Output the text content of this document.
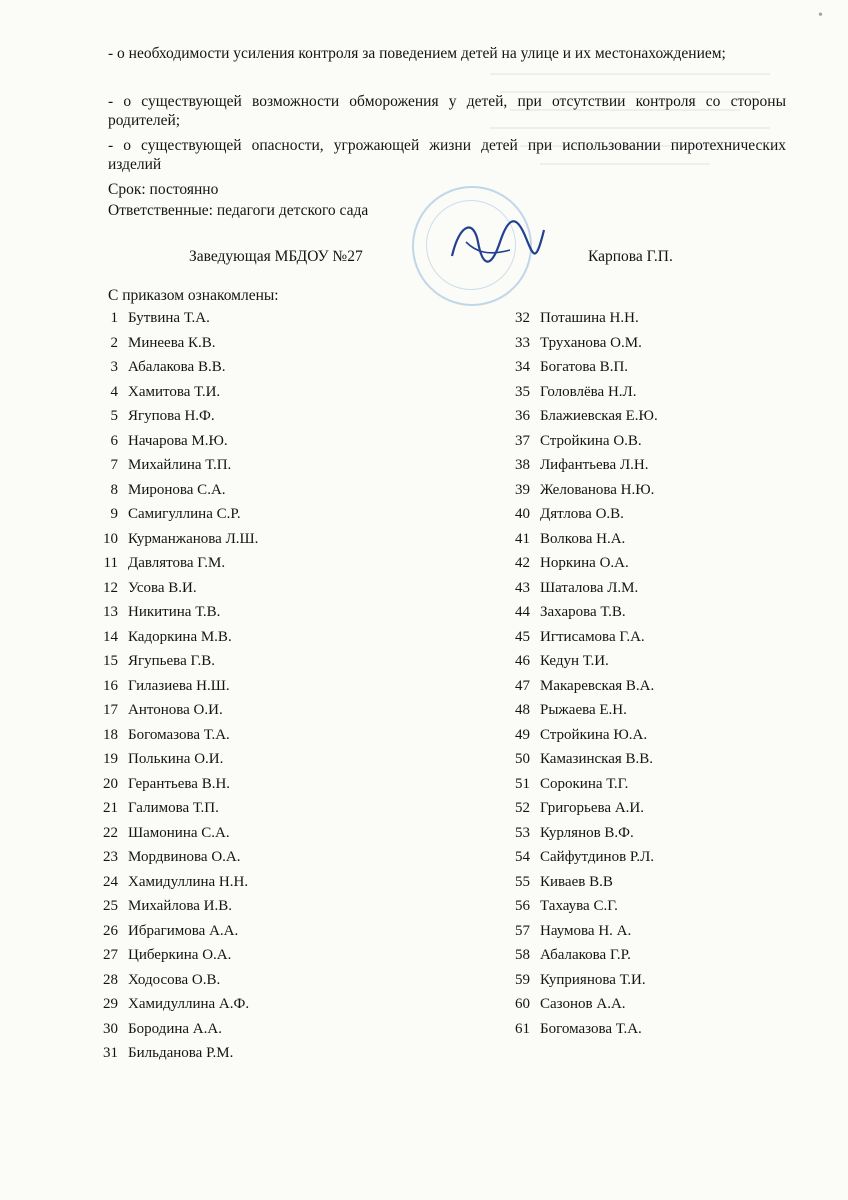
•
- о необходимости усиления контроля за поведением детей на улице и их местонахождением;
- о существующей возможности обморожения у детей, при отсутствии контроля со стороны родителей;
- о существующей опасности, угрожающей жизни детей при использовании пиротехнических изделий
Срок: постоянно
Ответственные: педагоги детского сада
Заведующая МБДОУ №27	Карпова Г.П.
С приказом ознакомлены:
1 Бутвина Т.А.
2 Минеева К.В.
3 Абалакова В.В.
4 Хамитова Т.И.
5 Ягупова Н.Ф.
6 Начарова М.Ю.
7 Михайлина Т.П.
8 Миронова С.А.
9 Самигуллина С.Р.
10 Курманжанова Л.Ш.
11 Давлятова Г.М.
12 Усова В.И.
13 Никитина Т.В.
14 Кадоркина М.В.
15 Ягупьева Г.В.
16 Гилазиева Н.Ш.
17 Антонова О.И.
18 Богомазова Т.А.
19 Полькина О.И.
20 Герантьева В.Н.
21 Галимова Т.П.
22 Шамонина С.А.
23 Мордвинова О.А.
24 Хамидуллина Н.Н.
25 Михайлова И.В.
26 Ибрагимова А.А.
27 Циберкина О.А.
28 Ходосова О.В.
29 Хамидуллина А.Ф.
30 Бородина А.А.
31 Бильданова Р.М.
32 Поташина Н.Н.
33 Труханова О.М.
34 Богатова В.П.
35 Головлёва Н.Л.
36 Блажиевская Е.Ю.
37 Стройкина О.В.
38 Лифантьева Л.Н.
39 Желованова Н.Ю.
40 Дятлова О.В.
41 Волкова Н.А.
42 Норкина О.А.
43 Шаталова Л.М.
44 Захарова Т.В.
45 Игтисамова Г.А.
46 Кедун Т.И.
47 Макаревская В.А.
48 Рыжаева Е.Н.
49 Стройкина Ю.А.
50 Камазинская В.В.
51 Сорокина Т.Г.
52 Григорьева А.И.
53 Курлянов В.Ф.
54 Сайфутдинов Р.Л.
55 Киваев В.В
56 Тахаува С.Г.
57 Наумова Н. А.
58 Абалакова Г.Р.
59 Куприянова Т.И.
60 Сазонов А.А.
61 Богомазова Т.А.
